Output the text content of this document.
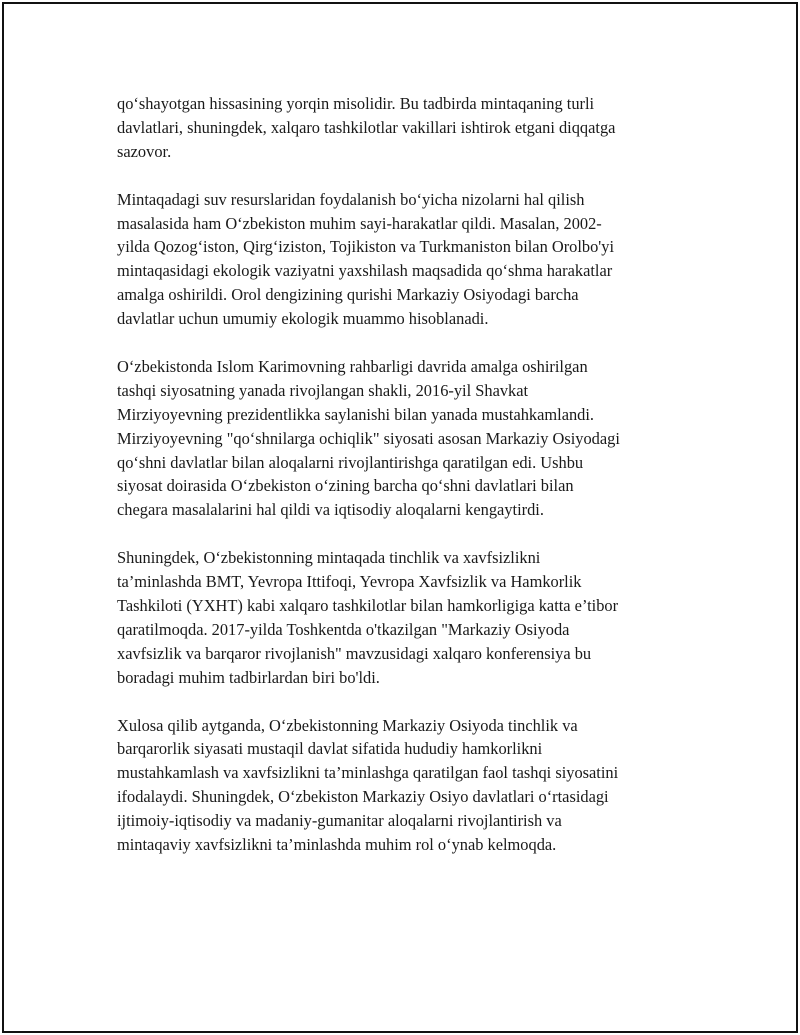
qo‘shayotgan hissasining yorqin misolidir. Bu tadbirda mintaqaning turli
davlatlari, shuningdek, xalqaro tashkilotlar vakillari ishtirok etgani diqqatga
sazovor.

Mintaqadagi suv resurslaridan foydalanish bo‘yicha nizolarni hal qilish
masalasida ham O‘zbekiston muhim sayi-harakatlar qildi. Masalan, 2002-
yilda Qozog‘iston, Qirg‘iziston, Tojikiston va Turkmaniston bilan Orolbo'yi
mintaqasidagi ekologik vaziyatni yaxshilash maqsadida qo‘shma harakatlar
amalga oshirildi. Orol dengizining qurishi Markaziy Osiyodagi barcha
davlatlar uchun umumiy ekologik muammo hisoblanadi.

O‘zbekistonda Islom Karimovning rahbarligi davrida amalga oshirilgan
tashqi siyosatning yanada rivojlangan shakli, 2016-yil Shavkat
Mirziyoyevning prezidentlikka saylanishi bilan yanada mustahkamlandi.
Mirziyoyevning "qo‘shnilarga ochiqlik" siyosati asosan Markaziy Osiyodagi
qo‘shni davlatlar bilan aloqalarni rivojlantirishga qaratilgan edi. Ushbu
siyosat doirasida O‘zbekiston o‘zining barcha qo‘shni davlatlari bilan
chegara masalalarini hal qildi va iqtisodiy aloqalarni kengaytirdi.

Shuningdek, O‘zbekistonning mintaqada tinchlik va xavfsizlikni
ta’minlashda BMT, Yevropa Ittifoqi, Yevropa Xavfsizlik va Hamkorlik
Tashkiloti (YXHT) kabi xalqaro tashkilotlar bilan hamkorligiga katta e’tibor
qaratilmoqda. 2017-yilda Toshkentda o'tkazilgan "Markaziy Osiyoda
xavfsizlik va barqaror rivojlanish" mavzusidagi xalqaro konferensiya bu
boradagi muhim tadbirlardan biri bo'ldi.

Xulosa qilib aytganda, O‘zbekistonning Markaziy Osiyoda tinchlik va
barqarorlik siyasati mustaqil davlat sifatida hududiy hamkorlikni
mustahkamlash va xavfsizlikni ta’minlashga qaratilgan faol tashqi siyosatini
ifodalaydi. Shuningdek, O‘zbekiston Markaziy Osiyo davlatlari o‘rtasidagi
ijtimoiy-iqtisodiy va madaniy-gumanitar aloqalarni rivojlantirish va
mintaqaviy xavfsizlikni ta’minlashda muhim rol o‘ynab kelmoqda.
